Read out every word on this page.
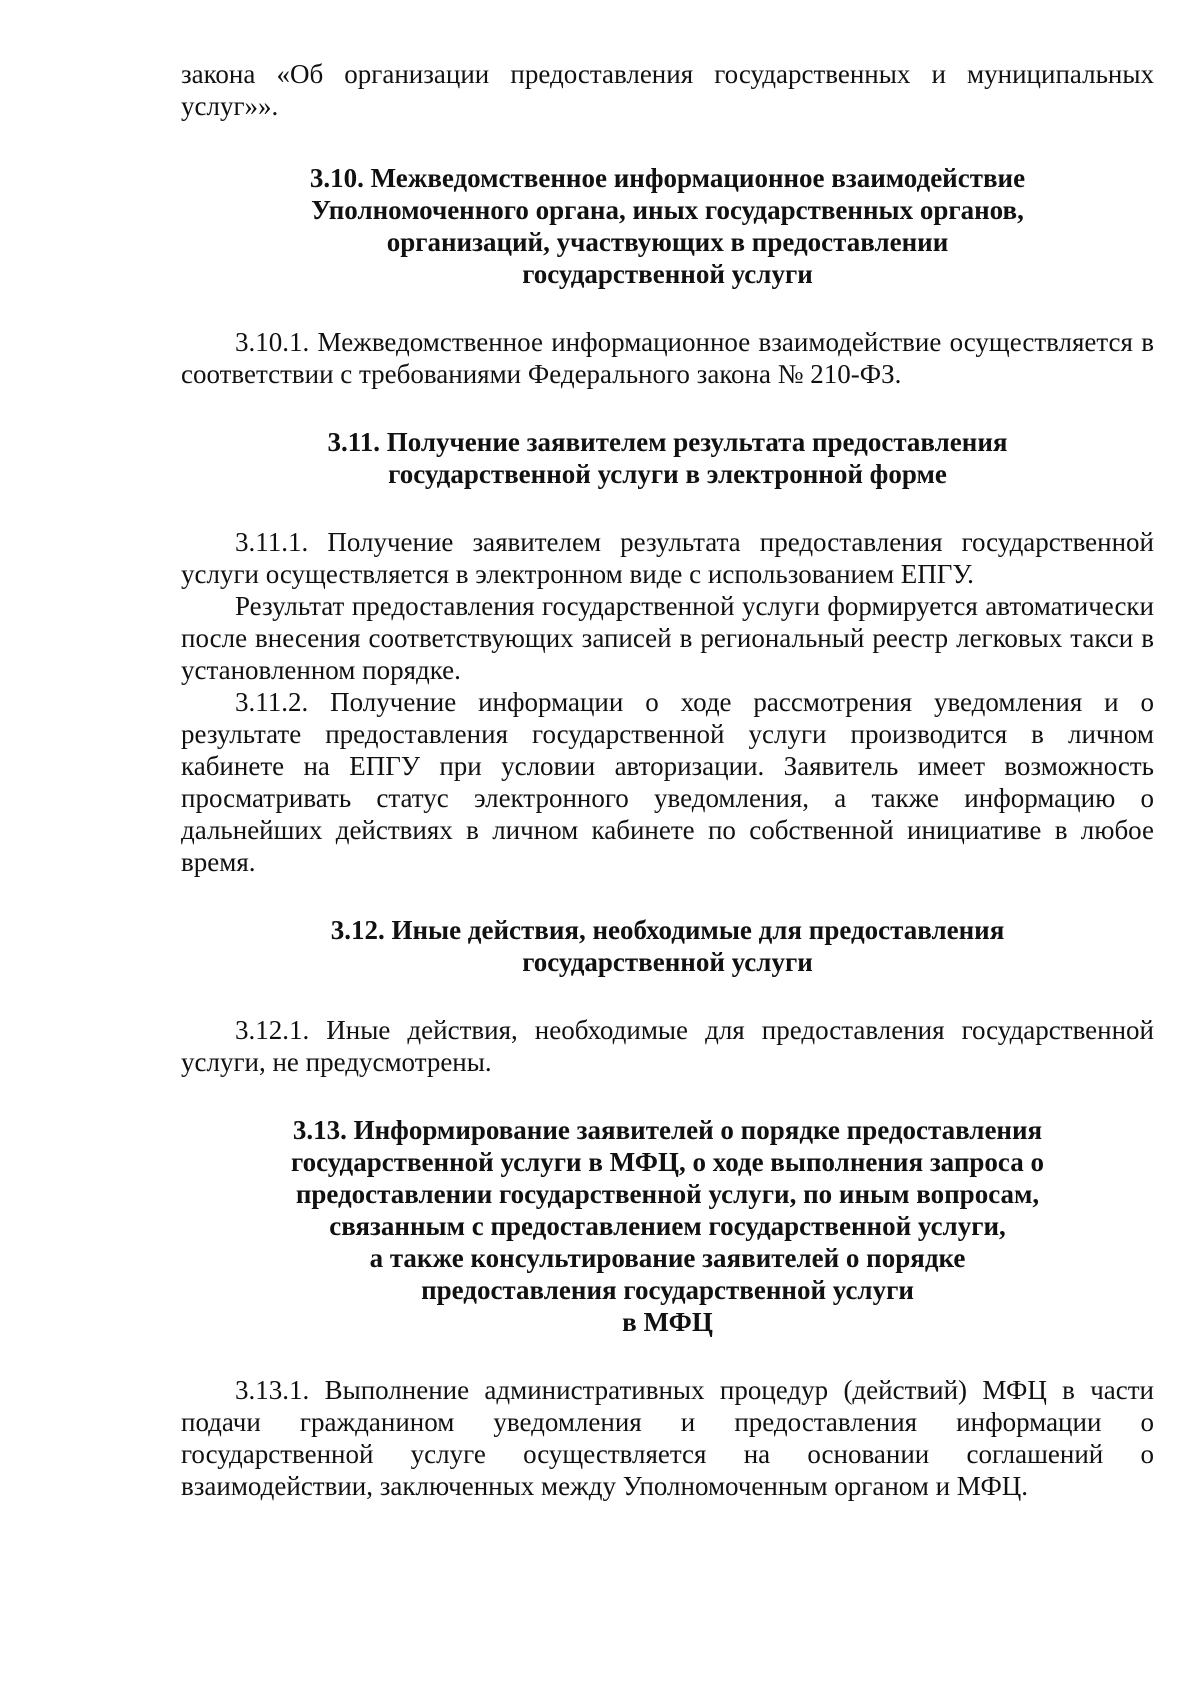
закона «Об организации предоставления государственных и муниципальных услуг»».

3.10. Межведомственное информационное взаимодействие
Уполномоченного органа, иных государственных органов,
организаций, участвующих в предоставлении
государственной услуги

3.10.1. Межведомственное информационное взаимодействие осуществляется в соответствии с требованиями Федерального закона № 210-ФЗ.

3.11. Получение заявителем результата предоставления
государственной услуги в электронной форме

3.11.1. Получение заявителем результата предоставления государственной услуги осуществляется в электронном виде с использованием ЕПГУ.

Результат предоставления государственной услуги формируется автоматически после внесения соответствующих записей в региональный реестр легковых такси в установленном порядке.

3.11.2. Получение информации о ходе рассмотрения уведомления и о результате предоставления государственной услуги производится в личном кабинете на ЕПГУ при условии авторизации. Заявитель имеет возможность просматривать статус электронного уведомления, а также информацию о дальнейших действиях в личном кабинете по собственной инициативе в любое время.

3.12. Иные действия, необходимые для предоставления
государственной услуги

3.12.1. Иные действия, необходимые для предоставления государственной услуги, не предусмотрены.

3.13. Информирование заявителей о порядке предоставления
государственной услуги в МФЦ, о ходе выполнения запроса о
предоставлении государственной услуги, по иным вопросам,
связанным с предоставлением государственной услуги,
а также консультирование заявителей о порядке
предоставления государственной услуги
в МФЦ

3.13.1. Выполнение административных процедур (действий) МФЦ в части подачи гражданином уведомления и предоставления информации о государственной услуге осуществляется на основании соглашений о взаимодействии, заключенных между Уполномоченным органом и МФЦ.
